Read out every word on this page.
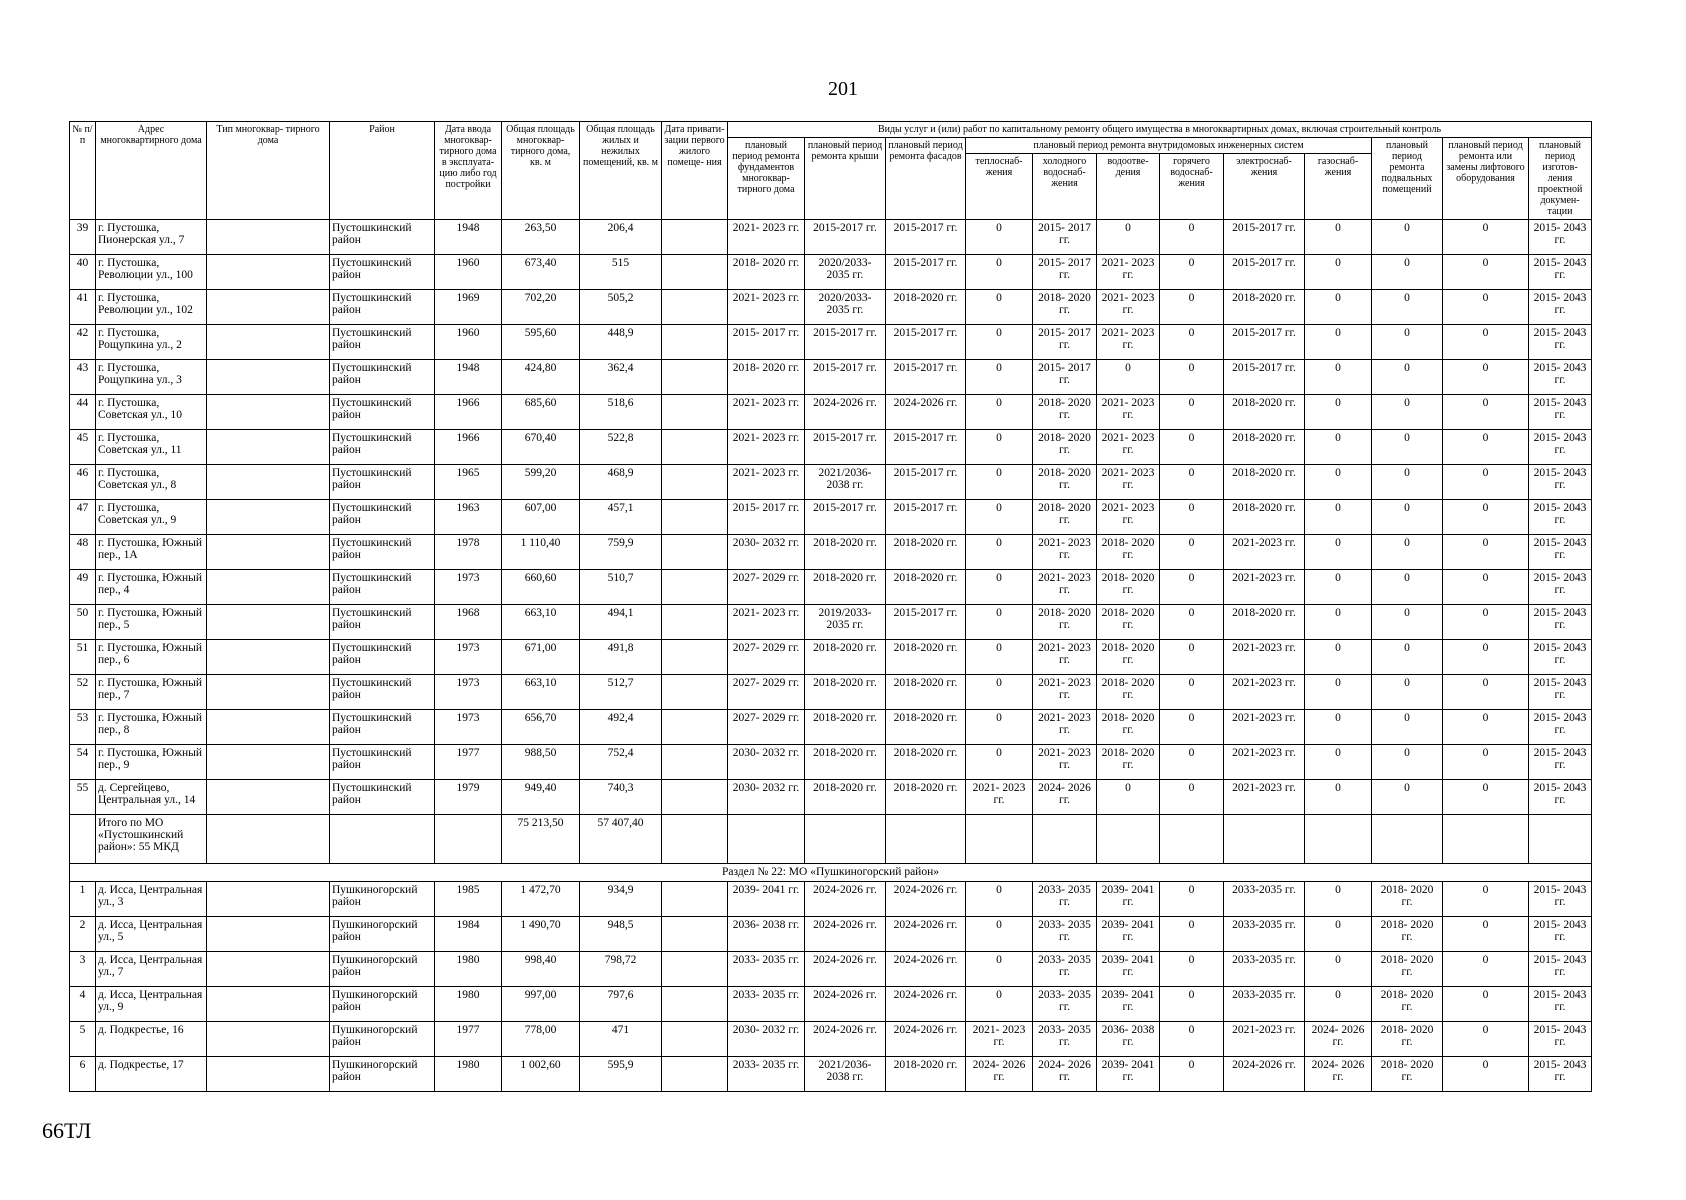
201
№ п/п	Адрес многоквартирного дома	Тип многоквар- тирного дома	Район	Дата ввода многоквар- тирного дома в эксплуата- цию либо год постройки	Общая площадь многоквар- тирного дома, кв. м	Общая площадь жилых и нежилых помещений, кв. м	Дата привати- зации первого жилого помеще- ния	Виды услуг и (или) работ по капитальному ремонту общего имущества в многоквартирных домах, включая строительный контроль											
								плановый период ремонта фундаментов многоквар- тирного дома	плановый период ремонта крыши	плановый период ремонта фасадов	плановый период ремонта внутридомовых инженерных систем						плановый период ремонта подвальных помещений	плановый период ремонта или замены лифтового оборудования	плановый период изготов- ления проектной докумен- тации
											теплоснаб- жения	холодного водоснаб- жения	водоотве- дения	горячего водоснаб- жения	электроснаб- жения	газоснаб- жения			
39	г. Пустошка, Пионерская ул., 7		Пустошкинский район	1948	263,50	206,4		2021- 2023 гг.	2015-2017 гг.	2015-2017 гг.	0	2015- 2017 гг.	0	0	2015-2017 гг.	0	0	0	2015- 2043 гг.
40	г. Пустошка, Революции ул., 100		Пустошкинский район	1960	673,40	515		2018- 2020 гг.	2020/2033- 2035 гг.	2015-2017 гг.	0	2015- 2017 гг.	2021- 2023 гг.	0	2015-2017 гг.	0	0	0	2015- 2043 гг.
41	г. Пустошка, Революции ул., 102		Пустошкинский район	1969	702,20	505,2		2021- 2023 гг.	2020/2033- 2035 гг.	2018-2020 гг.	0	2018- 2020 гг.	2021- 2023 гг.	0	2018-2020 гг.	0	0	0	2015- 2043 гг.
42	г. Пустошка, Рощупкина ул., 2		Пустошкинский район	1960	595,60	448,9		2015- 2017 гг.	2015-2017 гг.	2015-2017 гг.	0	2015- 2017 гг.	2021- 2023 гг.	0	2015-2017 гг.	0	0	0	2015- 2043 гг.
43	г. Пустошка, Рощупкина ул., 3		Пустошкинский район	1948	424,80	362,4		2018- 2020 гг.	2015-2017 гг.	2015-2017 гг.	0	2015- 2017 гг.	0	0	2015-2017 гг.	0	0	0	2015- 2043 гг.
44	г. Пустошка, Советская ул., 10		Пустошкинский район	1966	685,60	518,6		2021- 2023 гг.	2024-2026 гг.	2024-2026 гг.	0	2018- 2020 гг.	2021- 2023 гг.	0	2018-2020 гг.	0	0	0	2015- 2043 гг.
45	г. Пустошка, Советская ул., 11		Пустошкинский район	1966	670,40	522,8		2021- 2023 гг.	2015-2017 гг.	2015-2017 гг.	0	2018- 2020 гг.	2021- 2023 гг.	0	2018-2020 гг.	0	0	0	2015- 2043 гг.
46	г. Пустошка, Советская ул., 8		Пустошкинский район	1965	599,20	468,9		2021- 2023 гг.	2021/2036- 2038 гг.	2015-2017 гг.	0	2018- 2020 гг.	2021- 2023 гг.	0	2018-2020 гг.	0	0	0	2015- 2043 гг.
47	г. Пустошка, Советская ул., 9		Пустошкинский район	1963	607,00	457,1		2015- 2017 гг.	2015-2017 гг.	2015-2017 гг.	0	2018- 2020 гг.	2021- 2023 гг.	0	2018-2020 гг.	0	0	0	2015- 2043 гг.
48	г. Пустошка, Южный пер., 1А		Пустошкинский район	1978	1 110,40	759,9		2030- 2032 гг.	2018-2020 гг.	2018-2020 гг.	0	2021- 2023 гг.	2018- 2020 гг.	0	2021-2023 гг.	0	0	0	2015- 2043 гг.
49	г. Пустошка, Южный пер., 4		Пустошкинский район	1973	660,60	510,7		2027- 2029 гг.	2018-2020 гг.	2018-2020 гг.	0	2021- 2023 гг.	2018- 2020 гг.	0	2021-2023 гг.	0	0	0	2015- 2043 гг.
50	г. Пустошка, Южный пер., 5		Пустошкинский район	1968	663,10	494,1		2021- 2023 гг.	2019/2033- 2035 гг.	2015-2017 гг.	0	2018- 2020 гг.	2018- 2020 гг.	0	2018-2020 гг.	0	0	0	2015- 2043 гг.
51	г. Пустошка, Южный пер., 6		Пустошкинский район	1973	671,00	491,8		2027- 2029 гг.	2018-2020 гг.	2018-2020 гг.	0	2021- 2023 гг.	2018- 2020 гг.	0	2021-2023 гг.	0	0	0	2015- 2043 гг.
52	г. Пустошка, Южный пер., 7		Пустошкинский район	1973	663,10	512,7		2027- 2029 гг.	2018-2020 гг.	2018-2020 гг.	0	2021- 2023 гг.	2018- 2020 гг.	0	2021-2023 гг.	0	0	0	2015- 2043 гг.
53	г. Пустошка, Южный пер., 8		Пустошкинский район	1973	656,70	492,4		2027- 2029 гг.	2018-2020 гг.	2018-2020 гг.	0	2021- 2023 гг.	2018- 2020 гг.	0	2021-2023 гг.	0	0	0	2015- 2043 гг.
54	г. Пустошка, Южный пер., 9		Пустошкинский район	1977	988,50	752,4		2030- 2032 гг.	2018-2020 гг.	2018-2020 гг.	0	2021- 2023 гг.	2018- 2020 гг.	0	2021-2023 гг.	0	0	0	2015- 2043 гг.
55	д. Сергейцево, Центральная ул., 14		Пустошкинский район	1979	949,40	740,3		2030- 2032 гг.	2018-2020 гг.	2018-2020 гг.	2021- 2023 гг.	2024- 2026 гг.	0	0	2021-2023 гг.	0	0	0	2015- 2043 гг.
	Итого по МО «Пустошкинский район»: 55 МКД				75 213,50	57 407,40													
Раздел № 22: МО «Пушкиногорский район»																			
1	д. Исса, Центральная ул., 3		Пушкиногорский район	1985	1 472,70	934,9		2039- 2041 гг.	2024-2026 гг.	2024-2026 гг.	0	2033- 2035 гг.	2039- 2041 гг.	0	2033-2035 гг.	0	2018- 2020 гг.	0	2015- 2043 гг.
2	д. Исса, Центральная ул., 5		Пушкиногорский район	1984	1 490,70	948,5		2036- 2038 гг.	2024-2026 гг.	2024-2026 гг.	0	2033- 2035 гг.	2039- 2041 гг.	0	2033-2035 гг.	0	2018- 2020 гг.	0	2015- 2043 гг.
3	д. Исса, Центральная ул., 7		Пушкиногорский район	1980	998,40	798,72		2033- 2035 гг.	2024-2026 гг.	2024-2026 гг.	0	2033- 2035 гг.	2039- 2041 гг.	0	2033-2035 гг.	0	2018- 2020 гг.	0	2015- 2043 гг.
4	д. Исса, Центральная ул., 9		Пушкиногорский район	1980	997,00	797,6		2033- 2035 гг.	2024-2026 гг.	2024-2026 гг.	0	2033- 2035 гг.	2039- 2041 гг.	0	2033-2035 гг.	0	2018- 2020 гг.	0	2015- 2043 гг.
5	д. Подкрестье, 16		Пушкиногорский район	1977	778,00	471		2030- 2032 гг.	2024-2026 гг.	2024-2026 гг.	2021- 2023 гг.	2033- 2035 гг.	2036- 2038 гг.	0	2021-2023 гг.	2024- 2026 гг.	2018- 2020 гг.	0	2015- 2043 гг.
6	д. Подкрестье, 17		Пушкиногорский район	1980	1 002,60	595,9		2033- 2035 гг.	2021/2036- 2038 гг.	2018-2020 гг.	2024- 2026 гг.	2024- 2026 гг.	2039- 2041 гг.	0	2024-2026 гг.	2024- 2026 гг.	2018- 2020 гг.	0	2015- 2043 гг.
66ТЛ
